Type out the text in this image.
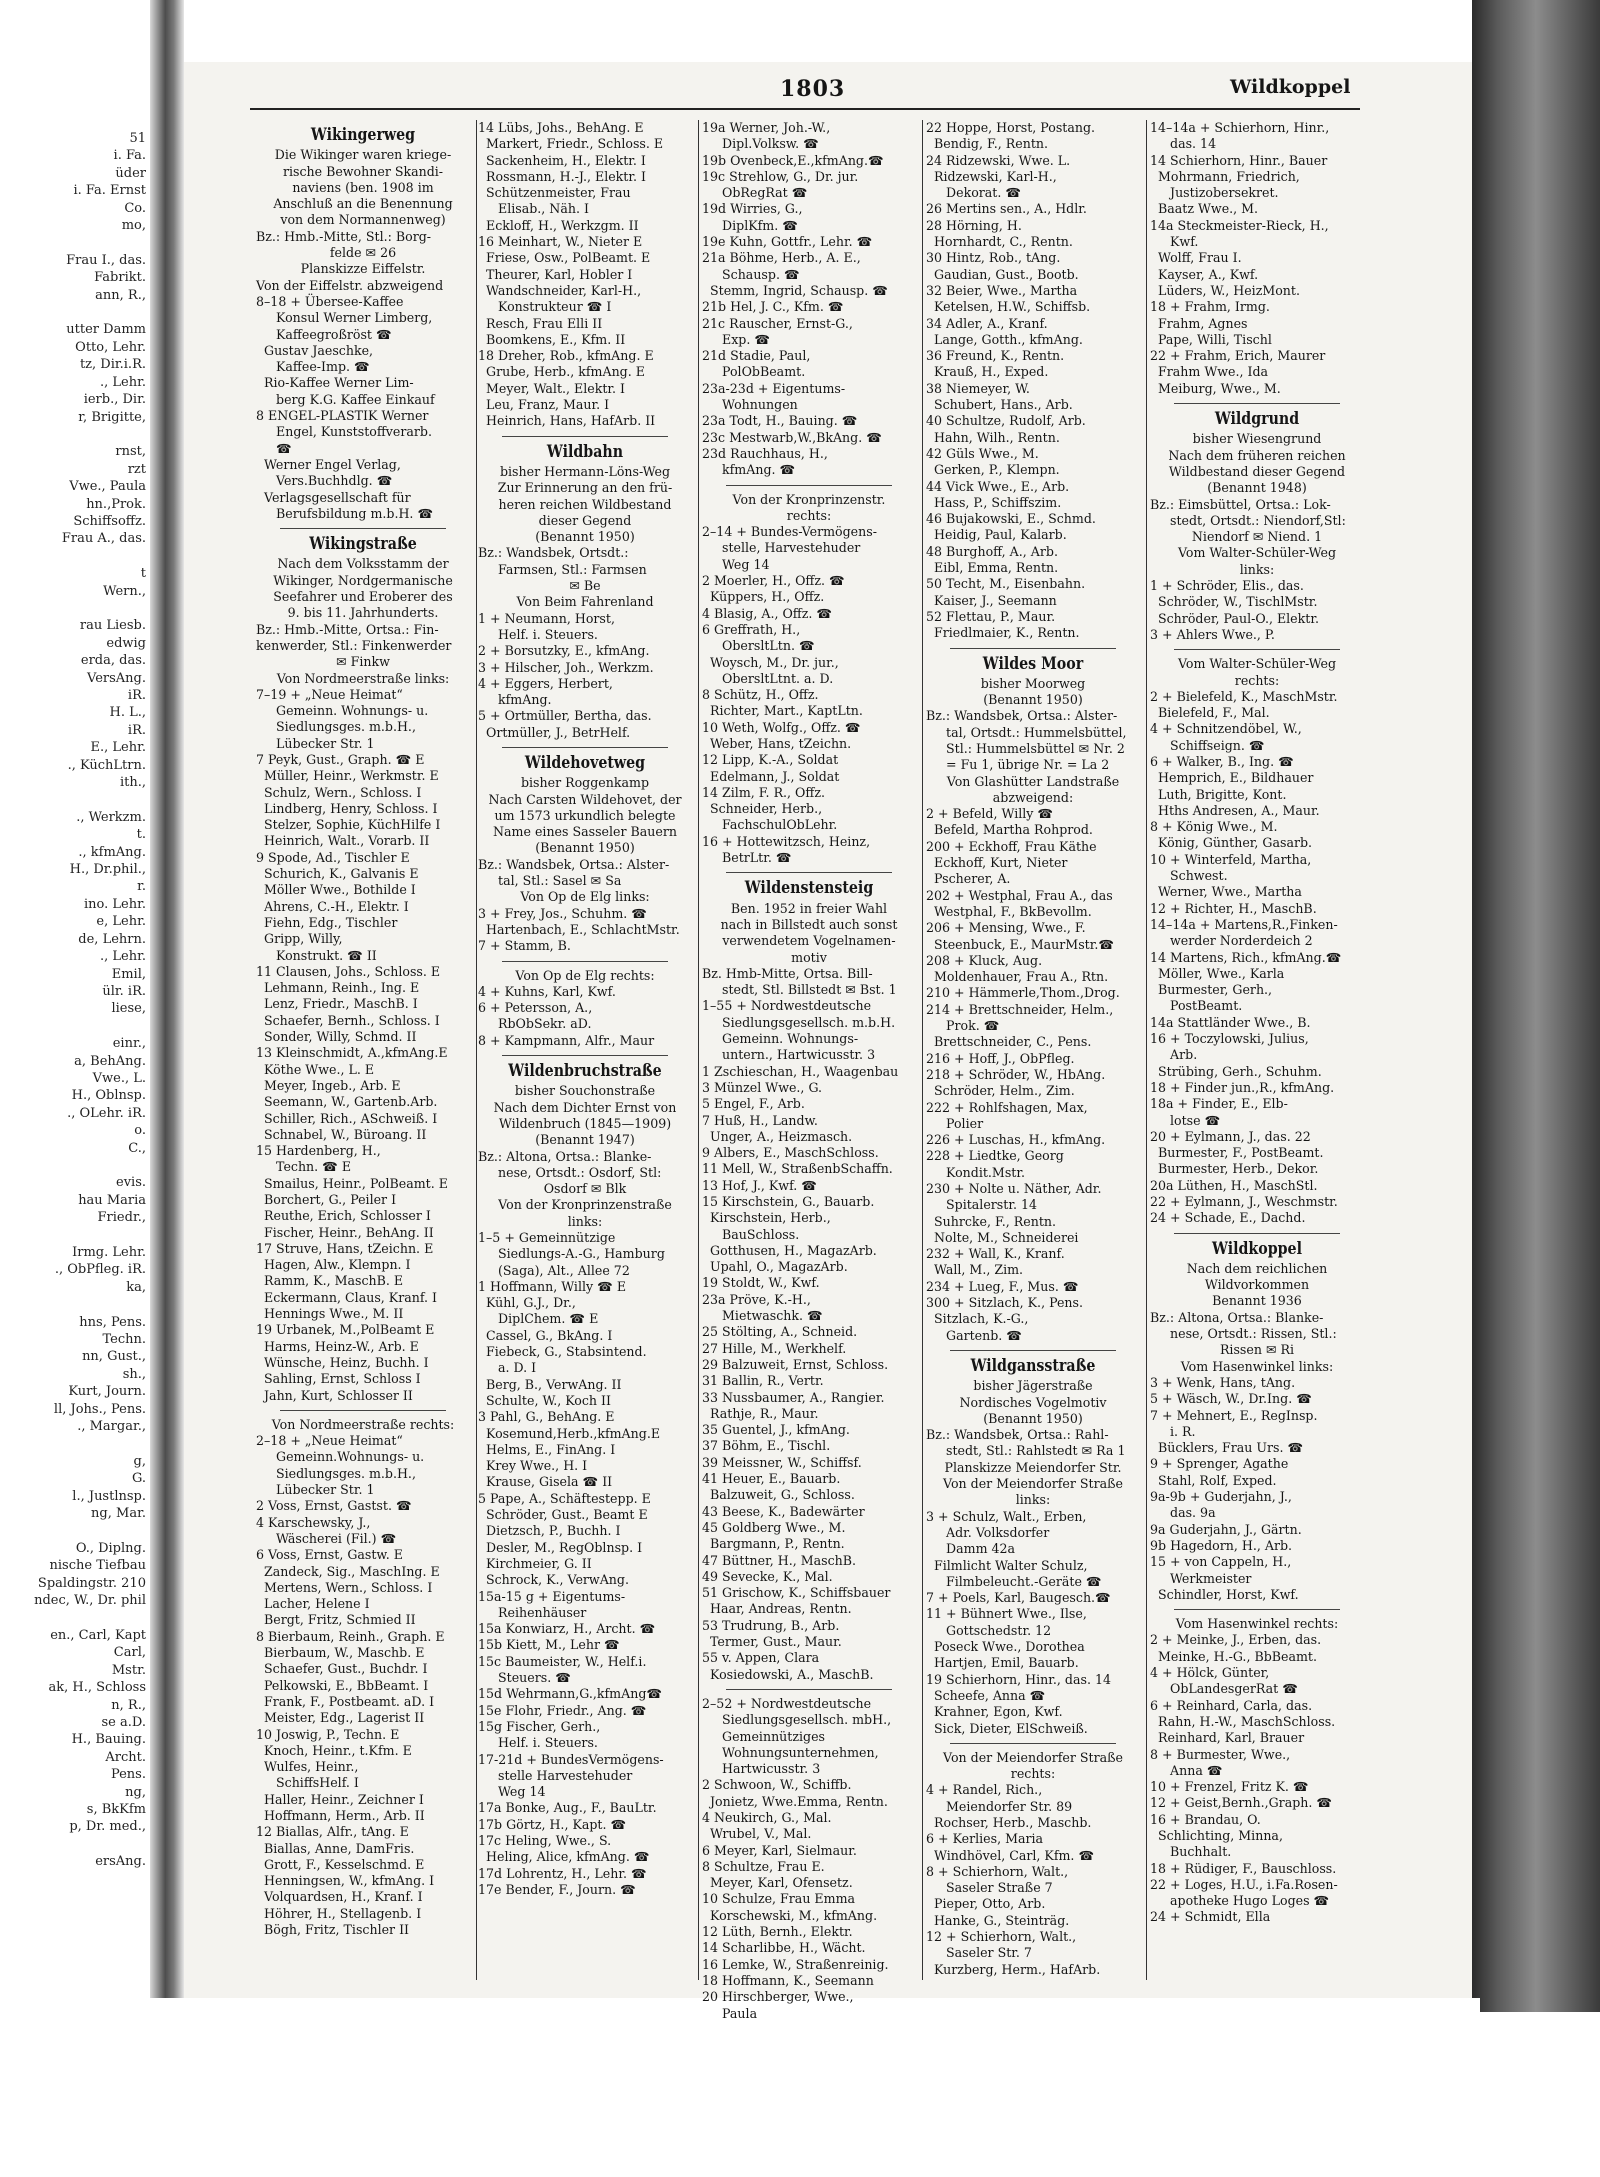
51
i. Fa.
üder
i. Fa. Ernst
Co.
mo,

Frau I., das.
Fabrikt.
ann, R.,

utter Damm
Otto, Lehr.
tz, Dir.i.R.
., Lehr.
ierb., Dir.
r, Brigitte,

rnst,
rzt
Vwe., Paula
hn.,Prok.
Schiffsoffz.
Frau A., das.

t
Wern.,

rau Liesb.
edwig
erda, das.
VersAng.
iR.
H. L.,
iR.
E., Lehr.
., KüchLtrn.
ith.,

., Werkzm.
t.
., kfmAng.
H., Dr.phil.,
r.
ino. Lehr.
e, Lehr.
de, Lehrn.
., Lehr.
Emil,
ülr. iR.
liese,

einr.,
a, BehAng.
Vwe., L.
H., Oblnsp.
., OLehr. iR.
o.
C.,

evis.
hau Maria
Friedr.,

Irmg. Lehr.
., ObPfleg. iR.
ka,

hns, Pens.
Techn.
nn, Gust.,
sh.,
Kurt, Journ.
ll, Johs., Pens.
., Margar.,

g,
G.
l., Justlnsp.
ng, Mar.

O., Diplng.
nische Tiefbau
Spaldingstr. 210
ndec, W., Dr. phil

en., Carl, Kapt
Carl,
Mstr.
ak, H., Schloss
n, R.,
se a.D.
H., Bauing.
Archt.
Pens.
ng,
s, BkKfm
p, Dr. med.,

ersAng.
1803	Wildkoppel
Wikingerweg
Die Wikinger waren kriege-
rische Bewohner Skandi-
naviens (ben. 1908 im
Anschluß an die Benennung
von dem Normannenweg)
Bz.: Hmb.-Mitte, Stl.: Borg-
felde ✉ 26
Planskizze Eiffelstr.
Von der Eiffelstr. abzweigend
8–18 + Übersee-Kaffee
Konsul Werner Limberg,
Kaffeegroßröst ☎
Gustav Jaeschke,
Kaffee-Imp. ☎
Rio-Kaffee Werner Lim-
berg K.G. Kaffee Einkauf
8 ENGEL-PLASTIK Werner
Engel, Kunststoffverarb.
☎
Werner Engel Verlag,
Vers.Buchhdlg. ☎
Verlagsgesellschaft für
Berufsbildung m.b.H. ☎
Wikingstraße
Nach dem Volksstamm der
Wikinger, Nordgermanische
Seefahrer und Eroberer des
9. bis 11. Jahrhunderts.
Bz.: Hmb.-Mitte, Ortsa.: Fin-
kenwerder, Stl.: Finkenwerder
✉ Finkw
Von Nordmeerstraße links:
7–19 + „Neue Heimat“
Gemeinn. Wohnungs- u.
Siedlungsges. m.b.H.,
Lübecker Str. 1
7 Peyk, Gust., Graph. ☎ E
Müller, Heinr., Werkmstr. E
Schulz, Wern., Schloss. I
Lindberg, Henry, Schloss. I
Stelzer, Sophie, KüchHilfe I
Heinrich, Walt., Vorarb. II
9 Spode, Ad., Tischler E
Schurich, K., Galvanis E
Möller Wwe., Bothilde I
Ahrens, C.-H., Elektr. I
Fiehn, Edg., Tischler
Gripp, Willy,
Konstrukt. ☎ II
11 Clausen, Johs., Schloss. E
Lehmann, Reinh., Ing. E
Lenz, Friedr., MaschB. I
Schaefer, Bernh., Schloss. I
Sonder, Willy, Schmd. II
13 Kleinschmidt, A.,kfmAng.E
Köthe Wwe., L. E
Meyer, Ingeb., Arb. E
Seemann, W., Gartenb.Arb.
Schiller, Rich., ASchweiß. I
Schnabel, W., Büroang. II
15 Hardenberg, H.,
Techn. ☎ E
Smailus, Heinr., PolBeamt. E
Borchert, G., Peiler I
Reuthe, Erich, Schlosser I
Fischer, Heinr., BehAng. II
17 Struve, Hans, tZeichn. E
Hagen, Alw., Klempn. I
Ramm, K., MaschB. E
Eckermann, Claus, Kranf. I
Hennings Wwe., M. II
19 Urbanek, M.,PolBeamt E
Harms, Heinz-W., Arb. E
Wünsche, Heinz, Buchh. I
Sahling, Ernst, Schloss I
Jahn, Kurt, Schlosser II
Von Nordmeerstraße rechts:
2–18 + „Neue Heimat“
Gemeinn.Wohnungs- u.
Siedlungsges. m.b.H.,
Lübecker Str. 1
2 Voss, Ernst, Gastst. ☎
4 Karschewsky, J.,
Wäscherei (Fil.) ☎
6 Voss, Ernst, Gastw. E
Zandeck, Sig., MaschIng. E
Mertens, Wern., Schloss. I
Lacher, Helene I
Bergt, Fritz, Schmied II
8 Bierbaum, Reinh., Graph. E
Bierbaum, W., Maschb. E
Schaefer, Gust., Buchdr. I
Pelkowski, E., BbBeamt. I
Frank, F., Postbeamt. aD. I
Meister, Edg., Lagerist II
10 Joswig, P., Techn. E
Knoch, Heinr., t.Kfm. E
Wulfes, Heinr.,
SchiffsHelf. I
Haller, Heinr., Zeichner I
Hoffmann, Herm., Arb. II
12 Biallas, Alfr., tAng. E
Biallas, Anne, DamFris.
Grott, F., Kesselschmd. E
Henningsen, W., kfmAng. I
Volquardsen, H., Kranf. I
Höhrer, H., Stellagenb. I
Bögh, Fritz, Tischler II
14 Lübs, Johs., BehAng. E
Markert, Friedr., Schloss. E
Sackenheim, H., Elektr. I
Rossmann, H.-J., Elektr. I
Schützenmeister, Frau
Elisab., Näh. I
Eckloff, H., Werkzgm. II
16 Meinhart, W., Nieter E
Friese, Osw., PolBeamt. E
Theurer, Karl, Hobler I
Wandschneider, Karl-H.,
Konstrukteur ☎ I
Resch, Frau Elli II
Boomkens, E., Kfm. II
18 Dreher, Rob., kfmAng. E
Grube, Herb., kfmAng. E
Meyer, Walt., Elektr. I
Leu, Franz, Maur. I
Heinrich, Hans, HafArb. II
Wildbahn
bisher Hermann-Löns-Weg
Zur Erinnerung an den frü-
heren reichen Wildbestand
dieser Gegend
(Benannt 1950)
Bz.: Wandsbek, Ortsdt.:
Farmsen, Stl.: Farmsen
✉ Be
Von Beim Fahrenland
1 + Neumann, Horst,
Helf. i. Steuers.
2 + Borsutzky, E., kfmAng.
3 + Hilscher, Joh., Werkzm.
4 + Eggers, Herbert,
kfmAng.
5 + Ortmüller, Bertha, das.
Ortmüller, J., BetrHelf.
Wildehovetweg
bisher Roggenkamp
Nach Carsten Wildehovet, der
um 1573 urkundlich belegte
Name eines Sasseler Bauern
(Benannt 1950)
Bz.: Wandsbek, Ortsa.: Alster-
tal, Stl.: Sasel ✉ Sa
Von Op de Elg links:
3 + Frey, Jos., Schuhm. ☎
Hartenbach, E., SchlachtMstr.
7 + Stamm, B.
Von Op de Elg rechts:
4 + Kuhns, Karl, Kwf.
6 + Petersson, A.,
RbObSekr. aD.
8 + Kampmann, Alfr., Maur
Wildenbruchstraße
bisher Souchonstraße
Nach dem Dichter Ernst von
Wildenbruch (1845—1909)
(Benannt 1947)
Bz.: Altona, Ortsa.: Blanke-
nese, Ortsdt.: Osdorf, Stl:
Osdorf ✉ Blk
Von der Kronprinzenstraße
links:
1–5 + Gemeinnützige
Siedlungs-A.-G., Hamburg
(Saga), Alt., Allee 72
1 Hoffmann, Willy ☎ E
Kühl, G.J., Dr.,
DiplChem. ☎ E
Cassel, G., BkAng. I
Fiebeck, G., Stabsintend.
a. D. I
Berg, B., VerwAng. II
Schulte, W., Koch II
3 Pahl, G., BehAng. E
Kosemund,Herb.,kfmAng.E
Helms, E., FinAng. I
Krey Wwe., H. I
Krause, Gisela ☎ II
5 Pape, A., Schäftestepp. E
Schröder, Gust., Beamt E
Dietzsch, P., Buchh. I
Desler, M., RegOblnsp. I
Kirchmeier, G. II
Schrock, K., VerwAng.
15a-15 g + Eigentums-
Reihenhäuser
15a Konwiarz, H., Archt. ☎
15b Kiett, M., Lehr ☎
15c Baumeister, W., Helf.i.
Steuers. ☎
15d Wehrmann,G.,kfmAng☎
15e Flohr, Friedr., Ang. ☎
15g Fischer, Gerh.,
Helf. i. Steuers.
17-21d + BundesVermögens-
stelle Harvestehuder
Weg 14
17a Bonke, Aug., F., BauLtr.
17b Görtz, H., Kapt. ☎
17c Heling, Wwe., S.
Heling, Alice, kfmAng. ☎
17d Lohrentz, H., Lehr. ☎
17e Bender, F., Journ. ☎
19a Werner, Joh.-W.,
Dipl.Volksw. ☎
19b Ovenbeck,E.,kfmAng.☎
19c Strehlow, G., Dr. jur.
ObRegRat ☎
19d Wirries, G.,
DiplKfm. ☎
19e Kuhn, Gottfr., Lehr. ☎
21a Böhme, Herb., A. E.,
Schausp. ☎
Stemm, Ingrid, Schausp. ☎
21b Hel, J. C., Kfm. ☎
21c Rauscher, Ernst-G.,
Exp. ☎
21d Stadie, Paul,
PolObBeamt.
23a-23d + Eigentums-
Wohnungen
23a Todt, H., Bauing. ☎
23c Mestwarb,W.,BkAng. ☎
23d Rauchhaus, H.,
kfmAng. ☎
Von der Kronprinzenstr.
rechts:
2–14 + Bundes-Vermögens-
stelle, Harvestehuder
Weg 14
2 Moerler, H., Offz. ☎
Küppers, H., Offz.
4 Blasig, A., Offz. ☎
6 Greffrath, H.,
ObersltLtn. ☎
Woysch, M., Dr. jur.,
ObersltLtnt. a. D.
8 Schütz, H., Offz.
Richter, Mart., KaptLtn.
10 Weth, Wolfg., Offz. ☎
Weber, Hans, tZeichn.
12 Lipp, K.-A., Soldat
Edelmann, J., Soldat
14 Zilm, F. R., Offz.
Schneider, Herb.,
FachschulObLehr.
16 + Hottewitzsch, Heinz,
BetrLtr. ☎
Wildenstensteig
Ben. 1952 in freier Wahl
nach in Billstedt auch sonst
verwendetem Vogelnamen-
motiv
Bz. Hmb-Mitte, Ortsa. Bill-
stedt, Stl. Billstedt ✉ Bst. 1
1–55 + Nordwestdeutsche
Siedlungsgesellsch. m.b.H.
Gemeinn. Wohnungs-
untern., Hartwicusstr. 3
1 Zschieschan, H., Waagenbau
3 Münzel Wwe., G.
5 Engel, F., Arb.
7 Huß, H., Landw.
Unger, A., Heizmasch.
9 Albers, E., MaschSchloss.
11 Mell, W., StraßenbSchaffn.
13 Hof, J., Kwf. ☎
15 Kirschstein, G., Bauarb.
Kirschstein, Herb.,
BauSchloss.
Gotthusen, H., MagazArb.
Upahl, O., MagazArb.
19 Stoldt, W., Kwf.
23a Pröve, K.-H.,
Mietwaschk. ☎
25 Stölting, A., Schneid.
27 Hille, M., Werkhelf.
29 Balzuweit, Ernst, Schloss.
31 Ballin, R., Vertr.
33 Nussbaumer, A., Rangier.
Rathje, R., Maur.
35 Guentel, J., kfmAng.
37 Böhm, E., Tischl.
39 Meissner, W., Schiffsf.
41 Heuer, E., Bauarb.
Balzuweit, G., Schloss.
43 Beese, K., Badewärter
45 Goldberg Wwe., M.
Bargmann, P., Rentn.
47 Büttner, H., MaschB.
49 Sevecke, K., Mal.
51 Grischow, K., Schiffsbauer
Haar, Andreas, Rentn.
53 Trudrung, B., Arb.
Termer, Gust., Maur.
55 v. Appen, Clara
Kosiedowski, A., MaschB.
2–52 + Nordwestdeutsche
Siedlungsgesellsch. mbH.,
Gemeinnütziges
Wohnungsunternehmen,
Hartwicusstr. 3
2 Schwoon, W., Schiffb.
Jonietz, Wwe.Emma, Rentn.
4 Neukirch, G., Mal.
Wrubel, V., Mal.
6 Meyer, Karl, Sielmaur.
8 Schultze, Frau E.
Meyer, Karl, Ofensetz.
10 Schulze, Frau Emma
Korschewski, M., kfmAng.
12 Lüth, Bernh., Elektr.
14 Scharlibbe, H., Wächt.
16 Lemke, W., Straßenreinig.
18 Hoffmann, K., Seemann
20 Hirschberger, Wwe.,
Paula
22 Hoppe, Horst, Postang.
Bendig, F., Rentn.
24 Ridzewski, Wwe. L.
Ridzewski, Karl-H.,
Dekorat. ☎
26 Mertins sen., A., Hdlr.
28 Hörning, H.
Hornhardt, C., Rentn.
30 Hintz, Rob., tAng.
Gaudian, Gust., Bootb.
32 Beier, Wwe., Martha
Ketelsen, H.W., Schiffsb.
34 Adler, A., Kranf.
Lange, Gotth., kfmAng.
36 Freund, K., Rentn.
Krauß, H., Exped.
38 Niemeyer, W.
Schubert, Hans., Arb.
40 Schultze, Rudolf, Arb.
Hahn, Wilh., Rentn.
42 Güls Wwe., M.
Gerken, P., Klempn.
44 Vick Wwe., E., Arb.
Hass, P., Schiffszim.
46 Bujakowski, E., Schmd.
Heidig, Paul, Kalarb.
48 Burghoff, A., Arb.
Eibl, Emma, Rentn.
50 Techt, M., Eisenbahn.
Kaiser, J., Seemann
52 Flettau, P., Maur.
Friedlmaier, K., Rentn.
Wildes Moor
bisher Moorweg
(Benannt 1950)
Bz.: Wandsbek, Ortsa.: Alster-
tal, Ortsdt.: Hummelsbüttel,
Stl.: Hummelsbüttel ✉ Nr. 2
= Fu 1, übrige Nr. = La 2
Von Glashütter Landstraße
abzweigend:
2 + Befeld, Willy ☎
Befeld, Martha Rohprod.
200 + Eckhoff, Frau Käthe
Eckhoff, Kurt, Nieter
Pscherer, A.
202 + Westphal, Frau A., das
Westphal, F., BkBevollm.
206 + Mensing, Wwe., F.
Steenbuck, E., MaurMstr.☎
208 + Kluck, Aug.
Moldenhauer, Frau A., Rtn.
210 + Hämmerle,Thom.,Drog.
214 + Brettschneider, Helm.,
Prok. ☎
Brettschneider, C., Pens.
216 + Hoff, J., ObPfleg.
218 + Schröder, W., HbAng.
Schröder, Helm., Zim.
222 + Rohlfshagen, Max,
Polier
226 + Luschas, H., kfmAng.
228 + Liedtke, Georg
Kondit.Mstr.
230 + Nolte u. Näther, Adr.
Spitalerstr. 14
Suhrcke, F., Rentn.
Nolte, M., Schneiderei
232 + Wall, K., Kranf.
Wall, M., Zim.
234 + Lueg, F., Mus. ☎
300 + Sitzlach, K., Pens.
Sitzlach, K.-G.,
Gartenb. ☎
Wildgansstraße
bisher Jägerstraße
Nordisches Vogelmotiv
(Benannt 1950)
Bz.: Wandsbek, Ortsa.: Rahl-
stedt, Stl.: Rahlstedt ✉ Ra 1
Planskizze Meiendorfer Str.
Von der Meiendorfer Straße
links:
3 + Schulz, Walt., Erben,
Adr. Volksdorfer
Damm 42a
Filmlicht Walter Schulz,
Filmbeleucht.-Geräte ☎
7 + Poels, Karl, Baugesch.☎
11 + Bühnert Wwe., Ilse,
Gottschedstr. 12
Poseck Wwe., Dorothea
Hartjen, Emil, Bauarb.
19 Schierhorn, Hinr., das. 14
Scheefe, Anna ☎
Krahner, Egon, Kwf.
Sick, Dieter, ElSchweiß.
Von der Meiendorfer Straße
rechts:
4 + Randel, Rich.,
Meiendorfer Str. 89
Rochser, Herb., Maschb.
6 + Kerlies, Maria
Windhövel, Carl, Kfm. ☎
8 + Schierhorn, Walt.,
Saseler Straße 7
Pieper, Otto, Arb.
Hanke, G., Steinträg.
12 + Schierhorn, Walt.,
Saseler Str. 7
Kurzberg, Herm., HafArb.
14–14a + Schierhorn, Hinr.,
das. 14
14 Schierhorn, Hinr., Bauer
Mohrmann, Friedrich,
Justizobersekret.
Baatz Wwe., M.
14a Steckmeister-Rieck, H.,
Kwf.
Wolff, Frau I.
Kayser, A., Kwf.
Lüders, W., HeizMont.
18 + Frahm, Irmg.
Frahm, Agnes
Pape, Willi, Tischl
22 + Frahm, Erich, Maurer
Frahm Wwe., Ida
Meiburg, Wwe., M.
Wildgrund
bisher Wiesengrund
Nach dem früheren reichen
Wildbestand dieser Gegend
(Benannt 1948)
Bz.: Eimsbüttel, Ortsa.: Lok-
stedt, Ortsdt.: Niendorf,Stl:
Niendorf ✉ Niend. 1
Vom Walter-Schüler-Weg
links:
1 + Schröder, Elis., das.
Schröder, W., TischlMstr.
Schröder, Paul-O., Elektr.
3 + Ahlers Wwe., P.
Vom Walter-Schüler-Weg
rechts:
2 + Bielefeld, K., MaschMstr.
Bielefeld, F., Mal.
4 + Schnitzendöbel, W.,
Schiffseign. ☎
6 + Walker, B., Ing. ☎
Hemprich, E., Bildhauer
Luth, Brigitte, Kont.
Hths Andresen, A., Maur.
8 + König Wwe., M.
König, Günther, Gasarb.
10 + Winterfeld, Martha,
Schwest.
Werner, Wwe., Martha
12 + Richter, H., MaschB.
14–14a + Martens,R.,Finken-
werder Norderdeich 2
14 Martens, Rich., kfmAng.☎
Möller, Wwe., Karla
Burmester, Gerh.,
PostBeamt.
14a Stattländer Wwe., B.
16 + Toczylowski, Julius,
Arb.
Strübing, Gerh., Schuhm.
18 + Finder jun.,R., kfmAng.
18a + Finder, E., Elb-
lotse ☎
20 + Eylmann, J., das. 22
Burmester, F., PostBeamt.
Burmester, Herb., Dekor.
20a Lüthen, H., MaschStl.
22 + Eylmann, J., Weschmstr.
24 + Schade, E., Dachd.
Wildkoppel
Nach dem reichlichen
Wildvorkommen
Benannt 1936
Bz.: Altona, Ortsa.: Blanke-
nese, Ortsdt.: Rissen, Stl.:
Rissen ✉ Ri
Vom Hasenwinkel links:
3 + Wenk, Hans, tAng.
5 + Wäsch, W., Dr.Ing. ☎
7 + Mehnert, E., RegInsp.
i. R.
Bücklers, Frau Urs. ☎
9 + Sprenger, Agathe
Stahl, Rolf, Exped.
9a-9b + Guderjahn, J.,
das. 9a
9a Guderjahn, J., Gärtn.
9b Hagedorn, H., Arb.
15 + von Cappeln, H.,
Werkmeister
Schindler, Horst, Kwf.
Vom Hasenwinkel rechts:
2 + Meinke, J., Erben, das.
Meinke, H.-G., BbBeamt.
4 + Hölck, Günter,
ObLandesgerRat ☎
6 + Reinhard, Carla, das.
Rahn, H.-W., MaschSchloss.
Reinhard, Karl, Brauer
8 + Burmester, Wwe.,
Anna ☎
10 + Frenzel, Fritz K. ☎
12 + Geist,Bernh.,Graph. ☎
16 + Brandau, O.
Schlichting, Minna,
Buchhalt.
18 + Rüdiger, F., Bauschloss.
22 + Loges, H.U., i.Fa.Rosen-
apotheke Hugo Loges ☎
24 + Schmidt, Ella
